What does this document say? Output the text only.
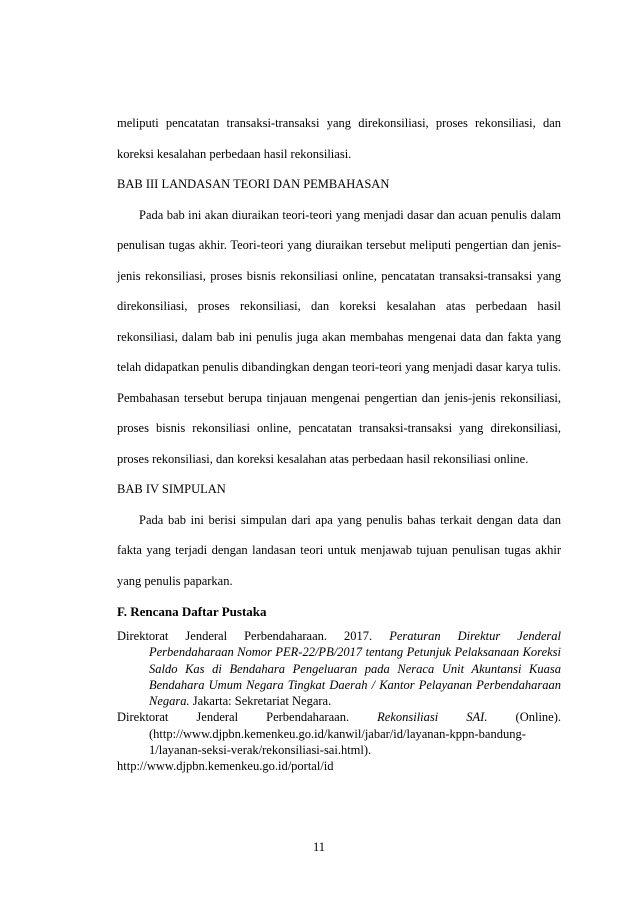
meliputi pencatatan transaksi-transaksi yang direkonsiliasi, proses rekonsiliasi, dan koreksi kesalahan perbedaan hasil rekonsiliasi.

BAB III LANDASAN TEORI DAN PEMBAHASAN

Pada bab ini akan diuraikan teori-teori yang menjadi dasar dan acuan penulis dalam penulisan tugas akhir. Teori-teori yang diuraikan tersebut meliputi pengertian dan jenis-jenis rekonsiliasi, proses bisnis rekonsiliasi online, pencatatan transaksi-transaksi yang direkonsiliasi, proses rekonsiliasi, dan koreksi kesalahan atas perbedaan hasil rekonsiliasi, dalam bab ini penulis juga akan membahas mengenai data dan fakta yang telah didapatkan penulis dibandingkan dengan teori-teori yang menjadi dasar karya tulis. Pembahasan tersebut berupa tinjauan mengenai pengertian dan jenis-jenis rekonsiliasi, proses bisnis rekonsiliasi online, pencatatan transaksi-transaksi yang direkonsiliasi, proses rekonsiliasi, dan koreksi kesalahan atas perbedaan hasil rekonsiliasi online.

BAB IV SIMPULAN

Pada bab ini berisi simpulan dari apa yang penulis bahas terkait dengan data dan fakta yang terjadi dengan landasan teori untuk menjawab tujuan penulisan tugas akhir yang penulis paparkan.

F. Rencana Daftar Pustaka

Direktorat Jenderal Perbendaharaan. 2017. Peraturan Direktur Jenderal Perbendaharaan Nomor PER-22/PB/2017 tentang Petunjuk Pelaksanaan Koreksi Saldo Kas di Bendahara Pengeluaran pada Neraca Unit Akuntansi Kuasa Bendahara Umum Negara Tingkat Daerah / Kantor Pelayanan Perbendaharaan Negara. Jakarta: Sekretariat Negara.

Direktorat Jenderal Perbendaharaan. Rekonsiliasi SAI. (Online). (http://www.djpbn.kemenkeu.go.id/kanwil/jabar/id/layanan-kppn-bandung-1/layanan-seksi-verak/rekonsiliasi-sai.html).

http://www.djpbn.kemenkeu.go.id/portal/id

11
